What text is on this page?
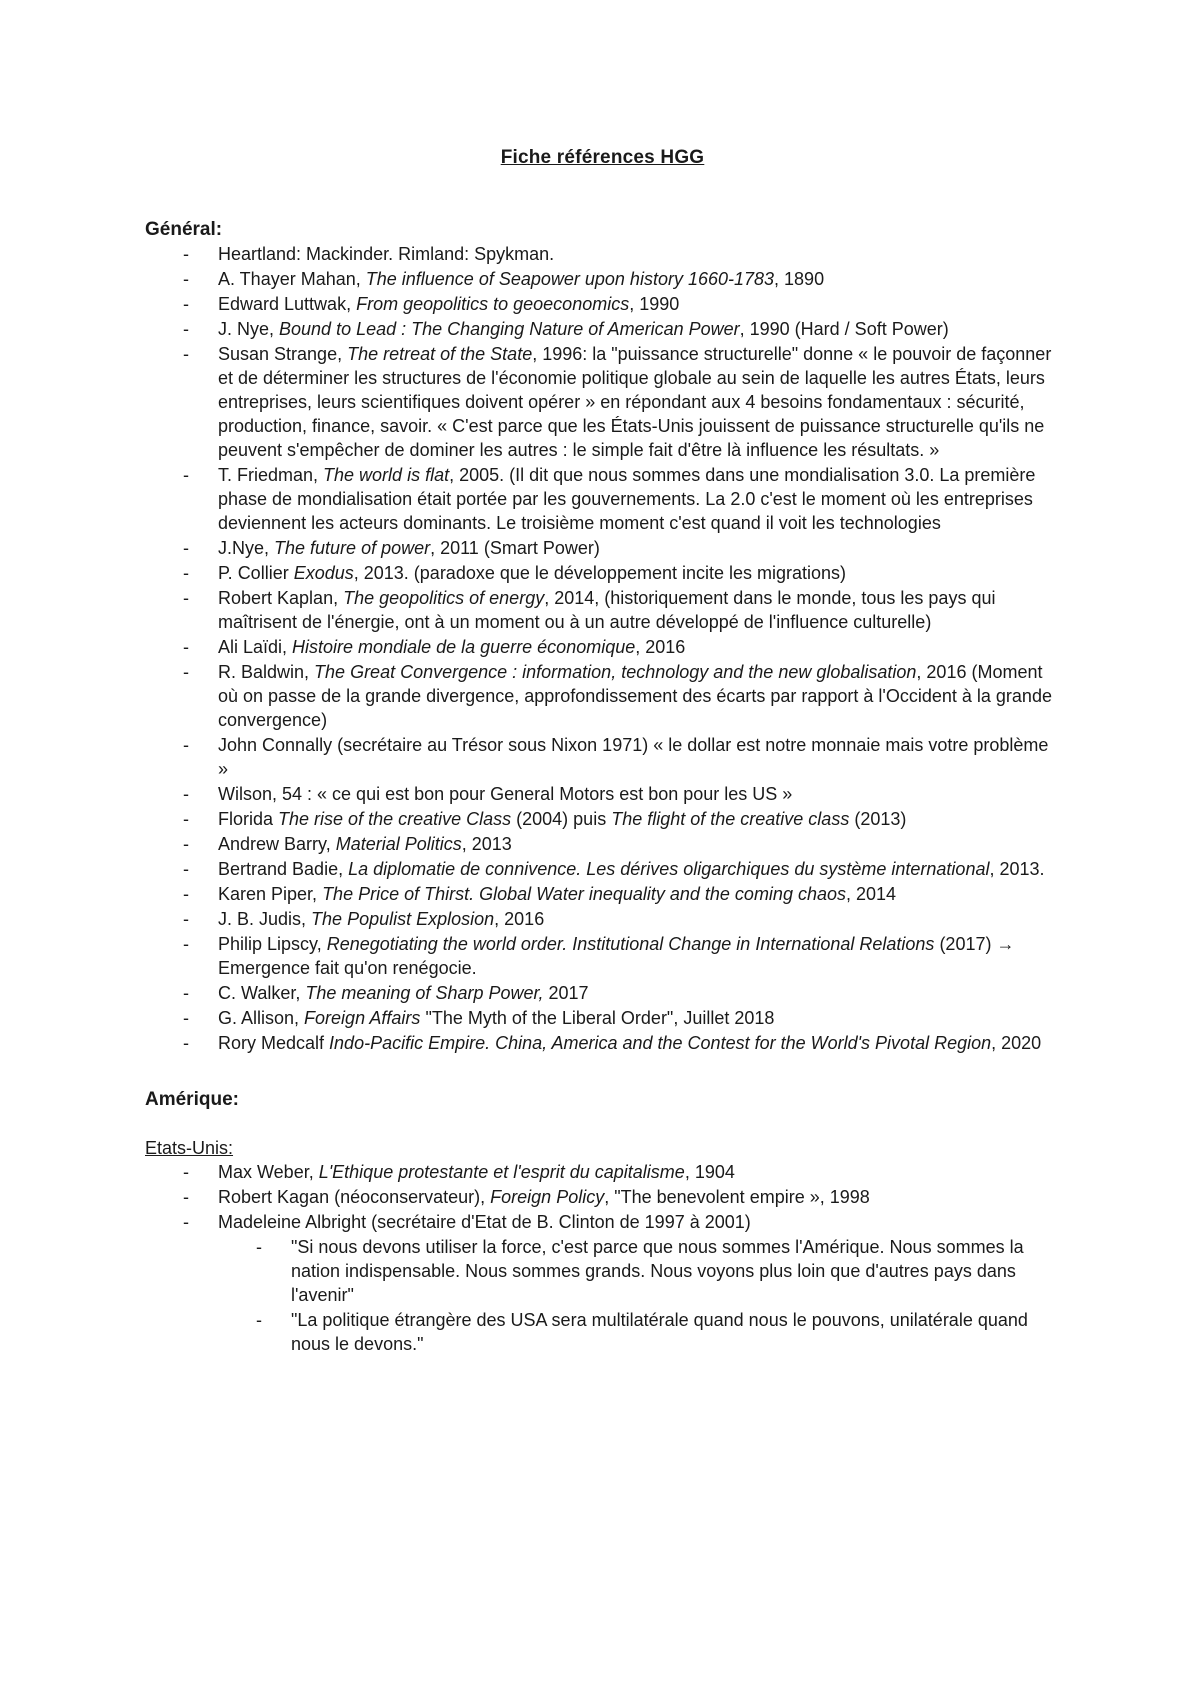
Fiche références HGG
Général:
- Heartland: Mackinder. Rimland: Spykman.
- A. Thayer Mahan, The influence of Seapower upon history 1660-1783, 1890
- Edward Luttwak, From geopolitics to geoeconomics, 1990
- J. Nye, Bound to Lead : The Changing Nature of American Power, 1990 (Hard / Soft Power)
- Susan Strange, The retreat of the State, 1996: la "puissance structurelle" donne « le pouvoir de façonner et de déterminer les structures de l'économie politique globale au sein de laquelle les autres États, leurs entreprises, leurs scientifiques doivent opérer » en répondant aux 4 besoins fondamentaux : sécurité, production, finance, savoir. « C'est parce que les États-Unis jouissent de puissance structurelle qu'ils ne peuvent s'empêcher de dominer les autres : le simple fait d'être là influence les résultats. »
- T. Friedman, The world is flat, 2005. (Il dit que nous sommes dans une mondialisation 3.0. La première phase de mondialisation était portée par les gouvernements. La 2.0 c'est le moment où les entreprises deviennent les acteurs dominants. Le troisième moment c'est quand il voit les technologies
- J.Nye, The future of power, 2011 (Smart Power)
- P. Collier Exodus, 2013. (paradoxe que le développement incite les migrations)
- Robert Kaplan, The geopolitics of energy, 2014, (historiquement dans le monde, tous les pays qui maîtrisent de l'énergie, ont à un moment ou à un autre développé de l'influence culturelle)
- Ali Laïdi, Histoire mondiale de la guerre économique, 2016
- R. Baldwin, The Great Convergence : information, technology and the new globalisation, 2016 (Moment où on passe de la grande divergence, approfondissement des écarts par rapport à l'Occident à la grande convergence)
- John Connally (secrétaire au Trésor sous Nixon 1971) « le dollar est notre monnaie mais votre problème »
- Wilson, 54 : « ce qui est bon pour General Motors est bon pour les US »
- Florida The rise of the creative Class (2004) puis The flight of the creative class (2013)
- Andrew Barry, Material Politics, 2013
- Bertrand Badie, La diplomatie de connivence. Les dérives oligarchiques du système international, 2013.
- Karen Piper, The Price of Thirst. Global Water inequality and the coming chaos, 2014
- J. B. Judis, The Populist Explosion, 2016
- Philip Lipscy, Renegotiating the world order. Institutional Change in International Relations (2017) → Emergence fait qu'on renégocie.
- C. Walker, The meaning of Sharp Power, 2017
- G. Allison, Foreign Affairs "The Myth of the Liberal Order", Juillet 2018
- Rory Medcalf Indo-Pacific Empire. China, America and the Contest for the World's Pivotal Region, 2020
Amérique:
Etats-Unis:
- Max Weber, L'Ethique protestante et l'esprit du capitalisme, 1904
- Robert Kagan (néoconservateur), Foreign Policy, "The benevolent empire », 1998
- Madeleine Albright (secrétaire d'Etat de B. Clinton de 1997 à 2001)
- "Si nous devons utiliser la force, c'est parce que nous sommes l'Amérique. Nous sommes la nation indispensable. Nous sommes grands. Nous voyons plus loin que d'autres pays dans l'avenir"
- "La politique étrangère des USA sera multilatérale quand nous le pouvons, unilatérale quand nous le devons."
